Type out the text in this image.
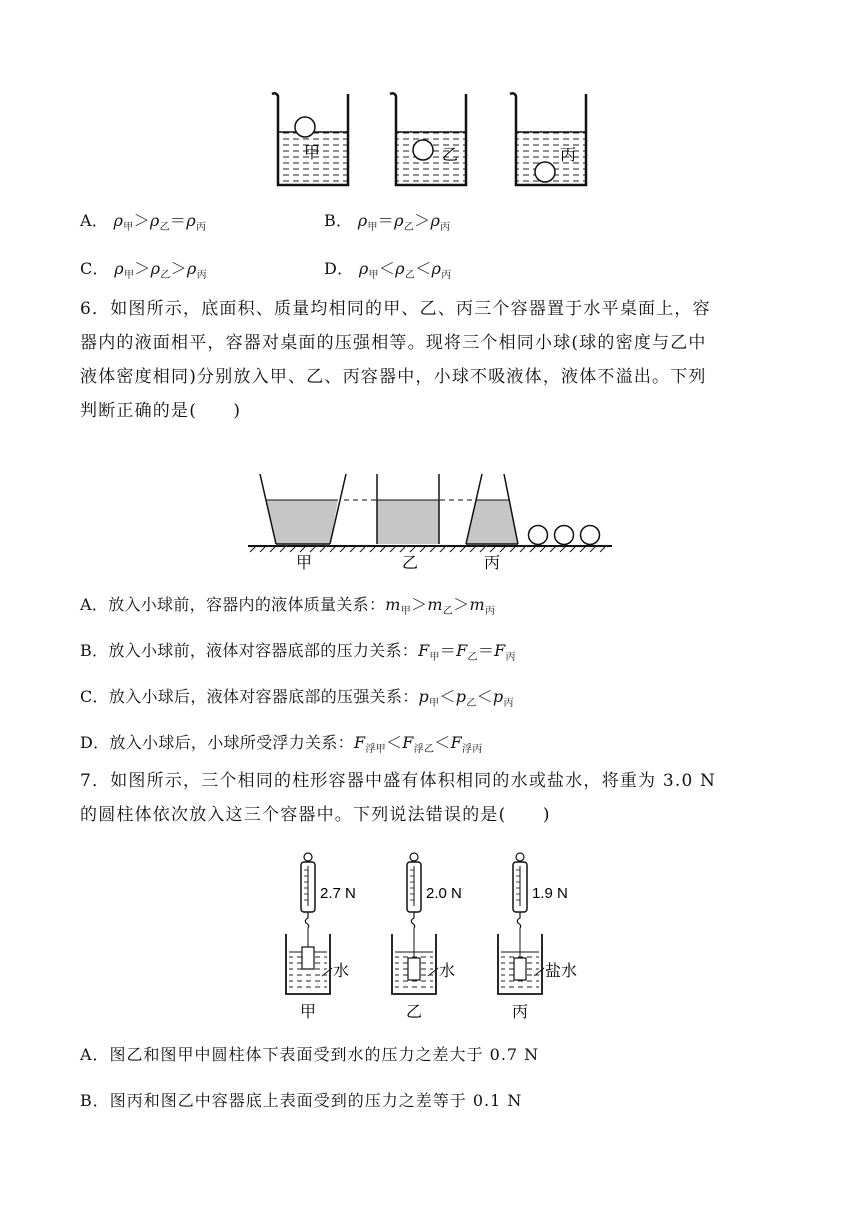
甲	乙	丙
A． $\rho_甲>\rho_乙=\rho_丙$	B． $\rho_甲=\rho_乙>\rho_丙$
C． $\rho_甲>\rho_乙>\rho_丙$	D． $\rho_甲<\rho_乙<\rho_丙$
6．如图所示，底面积、质量均相同的甲、乙、丙三个容器置于水平桌面上，容
器内的液面相平，容器对桌面的压强相等。现将三个相同小球(球的密度与乙中
液体密度相同)分别放入甲、乙、丙容器中，小球不吸液体，液体不溢出。下列
判断正确的是(　　)
甲	乙	丙
A．放入小球前，容器内的液体质量关系：$m_甲>m_乙>m_丙$
B．放入小球前，液体对容器底部的压力关系：$F_甲=F_乙=F_丙$
C．放入小球后，液体对容器底部的压强关系：$p_甲<p_乙<p_丙$
D．放入小球后，小球所受浮力关系：$F_{浮甲}<F_{浮乙}<F_{浮丙}$
7．如图所示，三个相同的柱形容器中盛有体积相同的水或盐水，将重为 3.0 N
的圆柱体依次放入这三个容器中。下列说法错误的是(　　)
2.7 N	2.0 N	1.9 N
水	水	盐水
甲	乙	丙
A．图乙和图甲中圆柱体下表面受到水的压力之差大于 0.7 N
B．图丙和图乙中容器底上表面受到的压力之差等于 0.1 N
